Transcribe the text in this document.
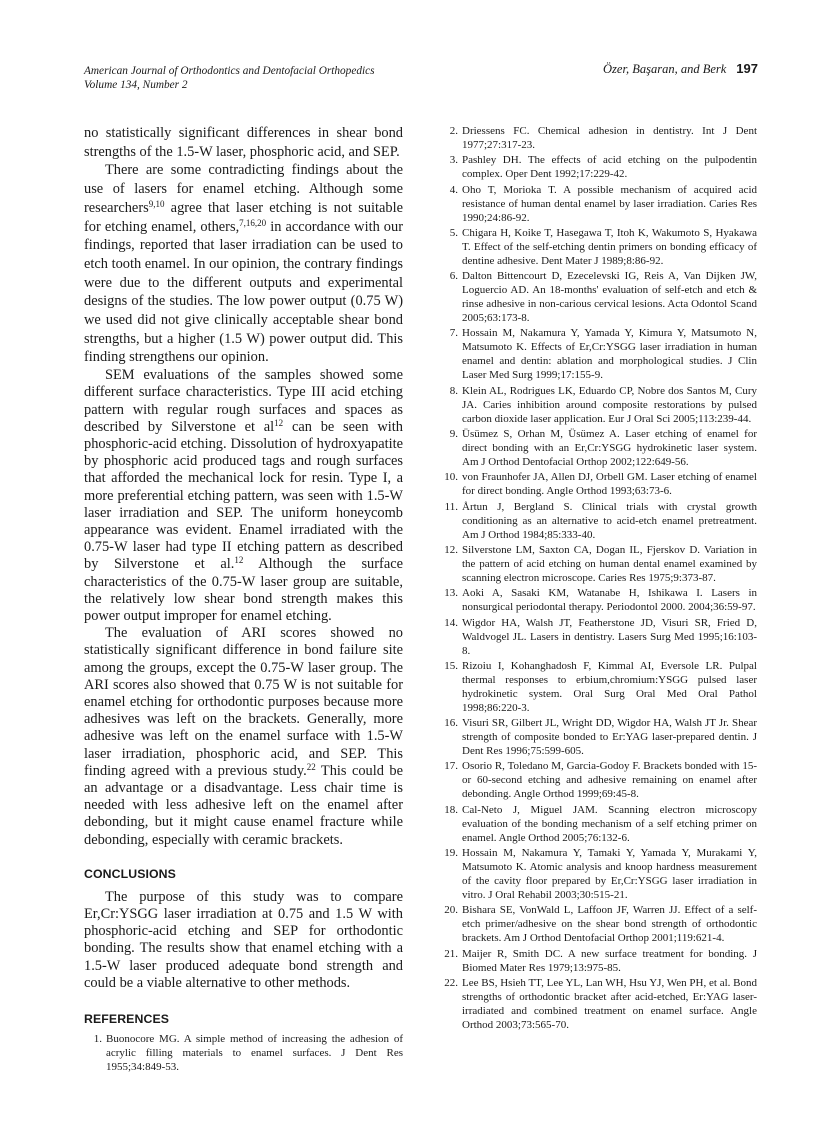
American Journal of Orthodontics and Dentofacial Orthopedics
Volume 134, Number 2
Özer, Başaran, and Berk 197

no statistically significant differences in shear bond strengths of the 1.5-W laser, phosphoric acid, and SEP.

There are some contradicting findings about the use of lasers for enamel etching. Although some researchers$^{9,10}$ agree that laser etching is not suitable for etching enamel, others,$^{7,16,20}$ in accordance with our findings, reported that laser irradiation can be used to etch tooth enamel. In our opinion, the contrary findings were due to the different outputs and experimental designs of the studies. The low power output (0.75 W) we used did not give clinically acceptable shear bond strengths, but a higher (1.5 W) power output did. This finding strengthens our opinion.

SEM evaluations of the samples showed some different surface characteristics. Type III acid etching pattern with regular rough surfaces and spaces as described by Silverstone et $al^{12}$ can be seen with phosphoric-acid etching. Dissolution of hydroxyapatite by phosphoric acid produced tags and rough surfaces that afforded the mechanical lock for resin. Type I, a more preferential etching pattern, was seen with 1.5-W laser irradiation and SEP. The uniform honeycomb appearance was evident. Enamel irradiated with the 0.75-W laser had type II etching pattern as described by Silverstone et al.$^{12}$ Although the surface characteristics of the 0.75-W laser group are suitable, the relatively low shear bond strength makes this power output improper for enamel etching.

The evaluation of ARI scores showed no statistically significant difference in bond failure site among the groups, except the 0.75-W laser group. The ARI scores also showed that 0.75 W is not suitable for enamel etching for orthodontic purposes because more adhesives was left on the brackets. Generally, more adhesive was left on the enamel surface with 1.5-W laser irradiation, phosphoric acid, and SEP. This finding agreed with a previous study.$^{22}$ This could be an advantage or a disadvantage. Less chair time is needed with less adhesive left on the enamel after debonding, but it might cause enamel fracture while debonding, especially with ceramic brackets.

CONCLUSIONS

The purpose of this study was to compare Er,Cr:YSGG laser irradiation at 0.75 and 1.5 W with phosphoric-acid etching and SEP for orthodontic bonding. The results show that enamel etching with a 1.5-W laser produced adequate bond strength and could be a viable alternative to other methods.

REFERENCES
1. Buonocore MG. A simple method of increasing the adhesion of acrylic filling materials to enamel surfaces. J Dent Res 1955;34:849-53.
2. Driessens FC. Chemical adhesion in dentistry. Int J Dent 1977;27:317-23.
3. Pashley DH. The effects of acid etching on the pulpodentin complex. Oper Dent 1992;17:229-42.
4. Oho T, Morioka T. A possible mechanism of acquired acid resistance of human dental enamel by laser irradiation. Caries Res 1990;24:86-92.
5. Chigara H, Koike T, Hasegawa T, Itoh K, Wakumoto S, Hyakawa T. Effect of the self-etching dentin primers on bonding efficacy of dentine adhesive. Dent Mater J 1989;8:86-92.
6. Dalton Bittencourt D, Ezecelevski IG, Reis A, Van Dijken JW, Loguercio AD. An 18-months' evaluation of self-etch and etch & rinse adhesive in non-carious cervical lesions. Acta Odontol Scand 2005;63:173-8.
7. Hossain M, Nakamura Y, Yamada Y, Kimura Y, Matsumoto N, Matsumoto K. Effects of Er,Cr:YSGG laser irradiation in human enamel and dentin: ablation and morphological studies. J Clin Laser Med Surg 1999;17:155-9.
8. Klein AL, Rodrigues LK, Eduardo CP, Nobre dos Santos M, Cury JA. Caries inhibition around composite restorations by pulsed carbon dioxide laser application. Eur J Oral Sci 2005;113:239-44.
9. Üsümez S, Orhan M, Üsümez A. Laser etching of enamel for direct bonding with an Er,Cr:YSGG hydrokinetic laser system. Am J Orthod Dentofacial Orthop 2002;122:649-56.
10. von Fraunhofer JA, Allen DJ, Orbell GM. Laser etching of enamel for direct bonding. Angle Orthod 1993;63:73-6.
11. Årtun J, Bergland S. Clinical trials with crystal growth conditioning as an alternative to acid-etch enamel pretreatment. Am J Orthod 1984;85:333-40.
12. Silverstone LM, Saxton CA, Dogan IL, Fjerskov D. Variation in the pattern of acid etching on human dental enamel examined by scanning electron microscope. Caries Res 1975;9:373-87.
13. Aoki A, Sasaki KM, Watanabe H, Ishikawa I. Lasers in nonsurgical periodontal therapy. Periodontol 2000. 2004;36:59-97.
14. Wigdor HA, Walsh JT, Featherstone JD, Visuri SR, Fried D, Waldvogel JL. Lasers in dentistry. Lasers Surg Med 1995;16:103-8.
15. Rizoiu I, Kohanghadosh F, Kimmal AI, Eversole LR. Pulpal thermal responses to erbium,chromium:YSGG pulsed laser hydrokinetic system. Oral Surg Oral Med Oral Pathol 1998;86:220-3.
16. Visuri SR, Gilbert JL, Wright DD, Wigdor HA, Walsh JT Jr. Shear strength of composite bonded to Er:YAG laser-prepared dentin. J Dent Res 1996;75:599-605.
17. Osorio R, Toledano M, Garcia-Godoy F. Brackets bonded with 15- or 60-second etching and adhesive remaining on enamel after debonding. Angle Orthod 1999;69:45-8.
18. Cal-Neto J, Miguel JAM. Scanning electron microscopy evaluation of the bonding mechanism of a self etching primer on enamel. Angle Orthod 2005;76:132-6.
19. Hossain M, Nakamura Y, Tamaki Y, Yamada Y, Murakami Y, Matsumoto K. Atomic analysis and knoop hardness measurement of the cavity floor prepared by Er,Cr:YSGG laser irradiation in vitro. J Oral Rehabil 2003;30:515-21.
20. Bishara SE, VonWald L, Laffoon JF, Warren JJ. Effect of a self-etch primer/adhesive on the shear bond strength of orthodontic brackets. Am J Orthod Dentofacial Orthop 2001;119:621-4.
21. Maijer R, Smith DC. A new surface treatment for bonding. J Biomed Mater Res 1979;13:975-85.
22. Lee BS, Hsieh TT, Lee YL, Lan WH, Hsu YJ, Wen PH, et al. Bond strengths of orthodontic bracket after acid-etched, Er:YAG laser-irradiated and combined treatment on enamel surface. Angle Orthod 2003;73:565-70.
